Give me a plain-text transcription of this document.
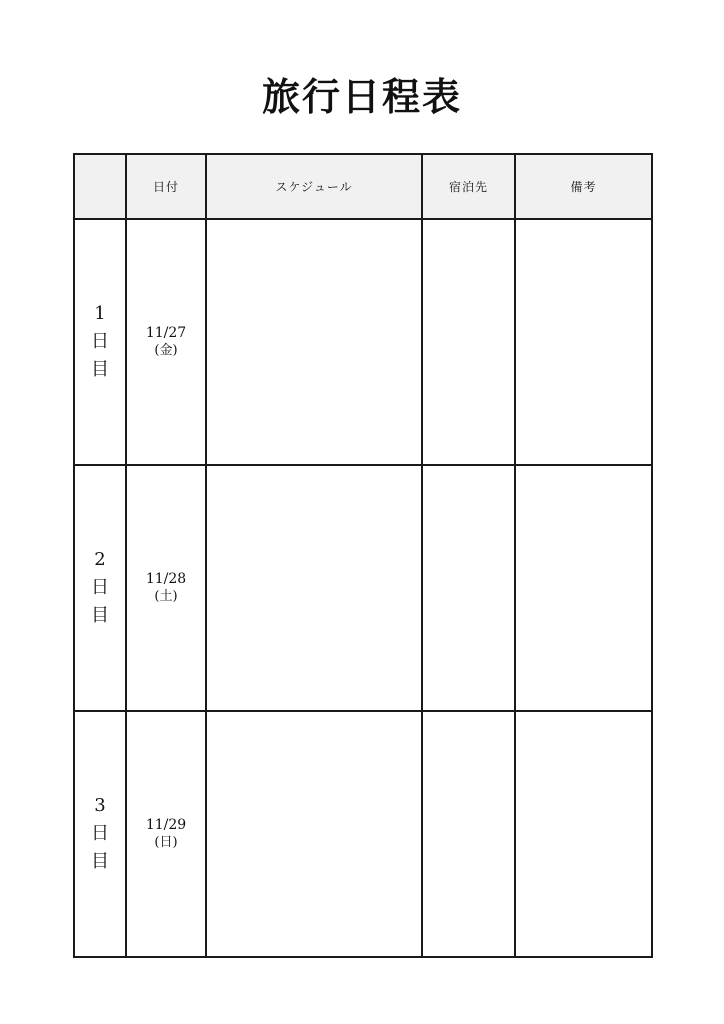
旅行日程表
	日付	スケジュール	宿泊先	備考

1日目	11/27
(金)			

2日目	11/28
(土)			

3日目	11/29
(日)			
